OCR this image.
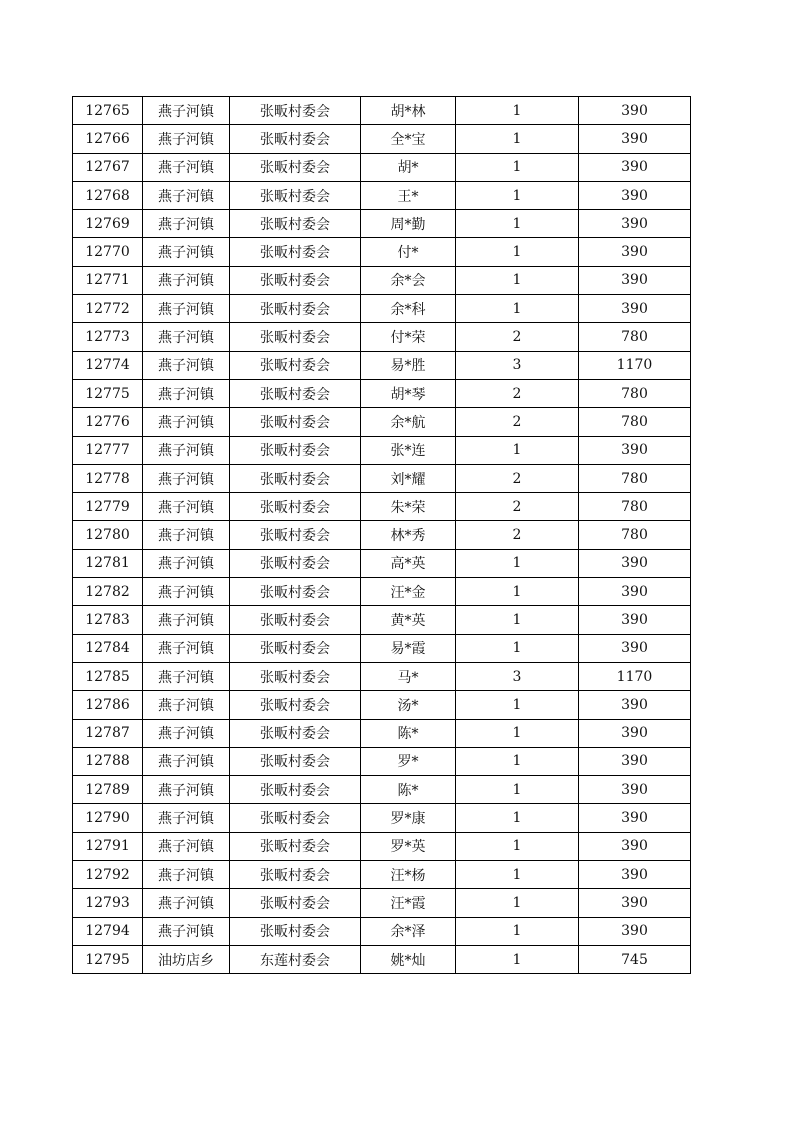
12765	燕子河镇	张畈村委会	胡*林	1	390
12766	燕子河镇	张畈村委会	全*宝	1	390
12767	燕子河镇	张畈村委会	胡*	1	390
12768	燕子河镇	张畈村委会	王*	1	390
12769	燕子河镇	张畈村委会	周*勤	1	390
12770	燕子河镇	张畈村委会	付*	1	390
12771	燕子河镇	张畈村委会	余*会	1	390
12772	燕子河镇	张畈村委会	余*科	1	390
12773	燕子河镇	张畈村委会	付*荣	2	780
12774	燕子河镇	张畈村委会	易*胜	3	1170
12775	燕子河镇	张畈村委会	胡*琴	2	780
12776	燕子河镇	张畈村委会	余*航	2	780
12777	燕子河镇	张畈村委会	张*连	1	390
12778	燕子河镇	张畈村委会	刘*耀	2	780
12779	燕子河镇	张畈村委会	朱*荣	2	780
12780	燕子河镇	张畈村委会	林*秀	2	780
12781	燕子河镇	张畈村委会	高*英	1	390
12782	燕子河镇	张畈村委会	汪*金	1	390
12783	燕子河镇	张畈村委会	黄*英	1	390
12784	燕子河镇	张畈村委会	易*霞	1	390
12785	燕子河镇	张畈村委会	马*	3	1170
12786	燕子河镇	张畈村委会	汤*	1	390
12787	燕子河镇	张畈村委会	陈*	1	390
12788	燕子河镇	张畈村委会	罗*	1	390
12789	燕子河镇	张畈村委会	陈*	1	390
12790	燕子河镇	张畈村委会	罗*康	1	390
12791	燕子河镇	张畈村委会	罗*英	1	390
12792	燕子河镇	张畈村委会	汪*杨	1	390
12793	燕子河镇	张畈村委会	汪*霞	1	390
12794	燕子河镇	张畈村委会	余*泽	1	390
12795	油坊店乡	东莲村委会	姚*灿	1	745
